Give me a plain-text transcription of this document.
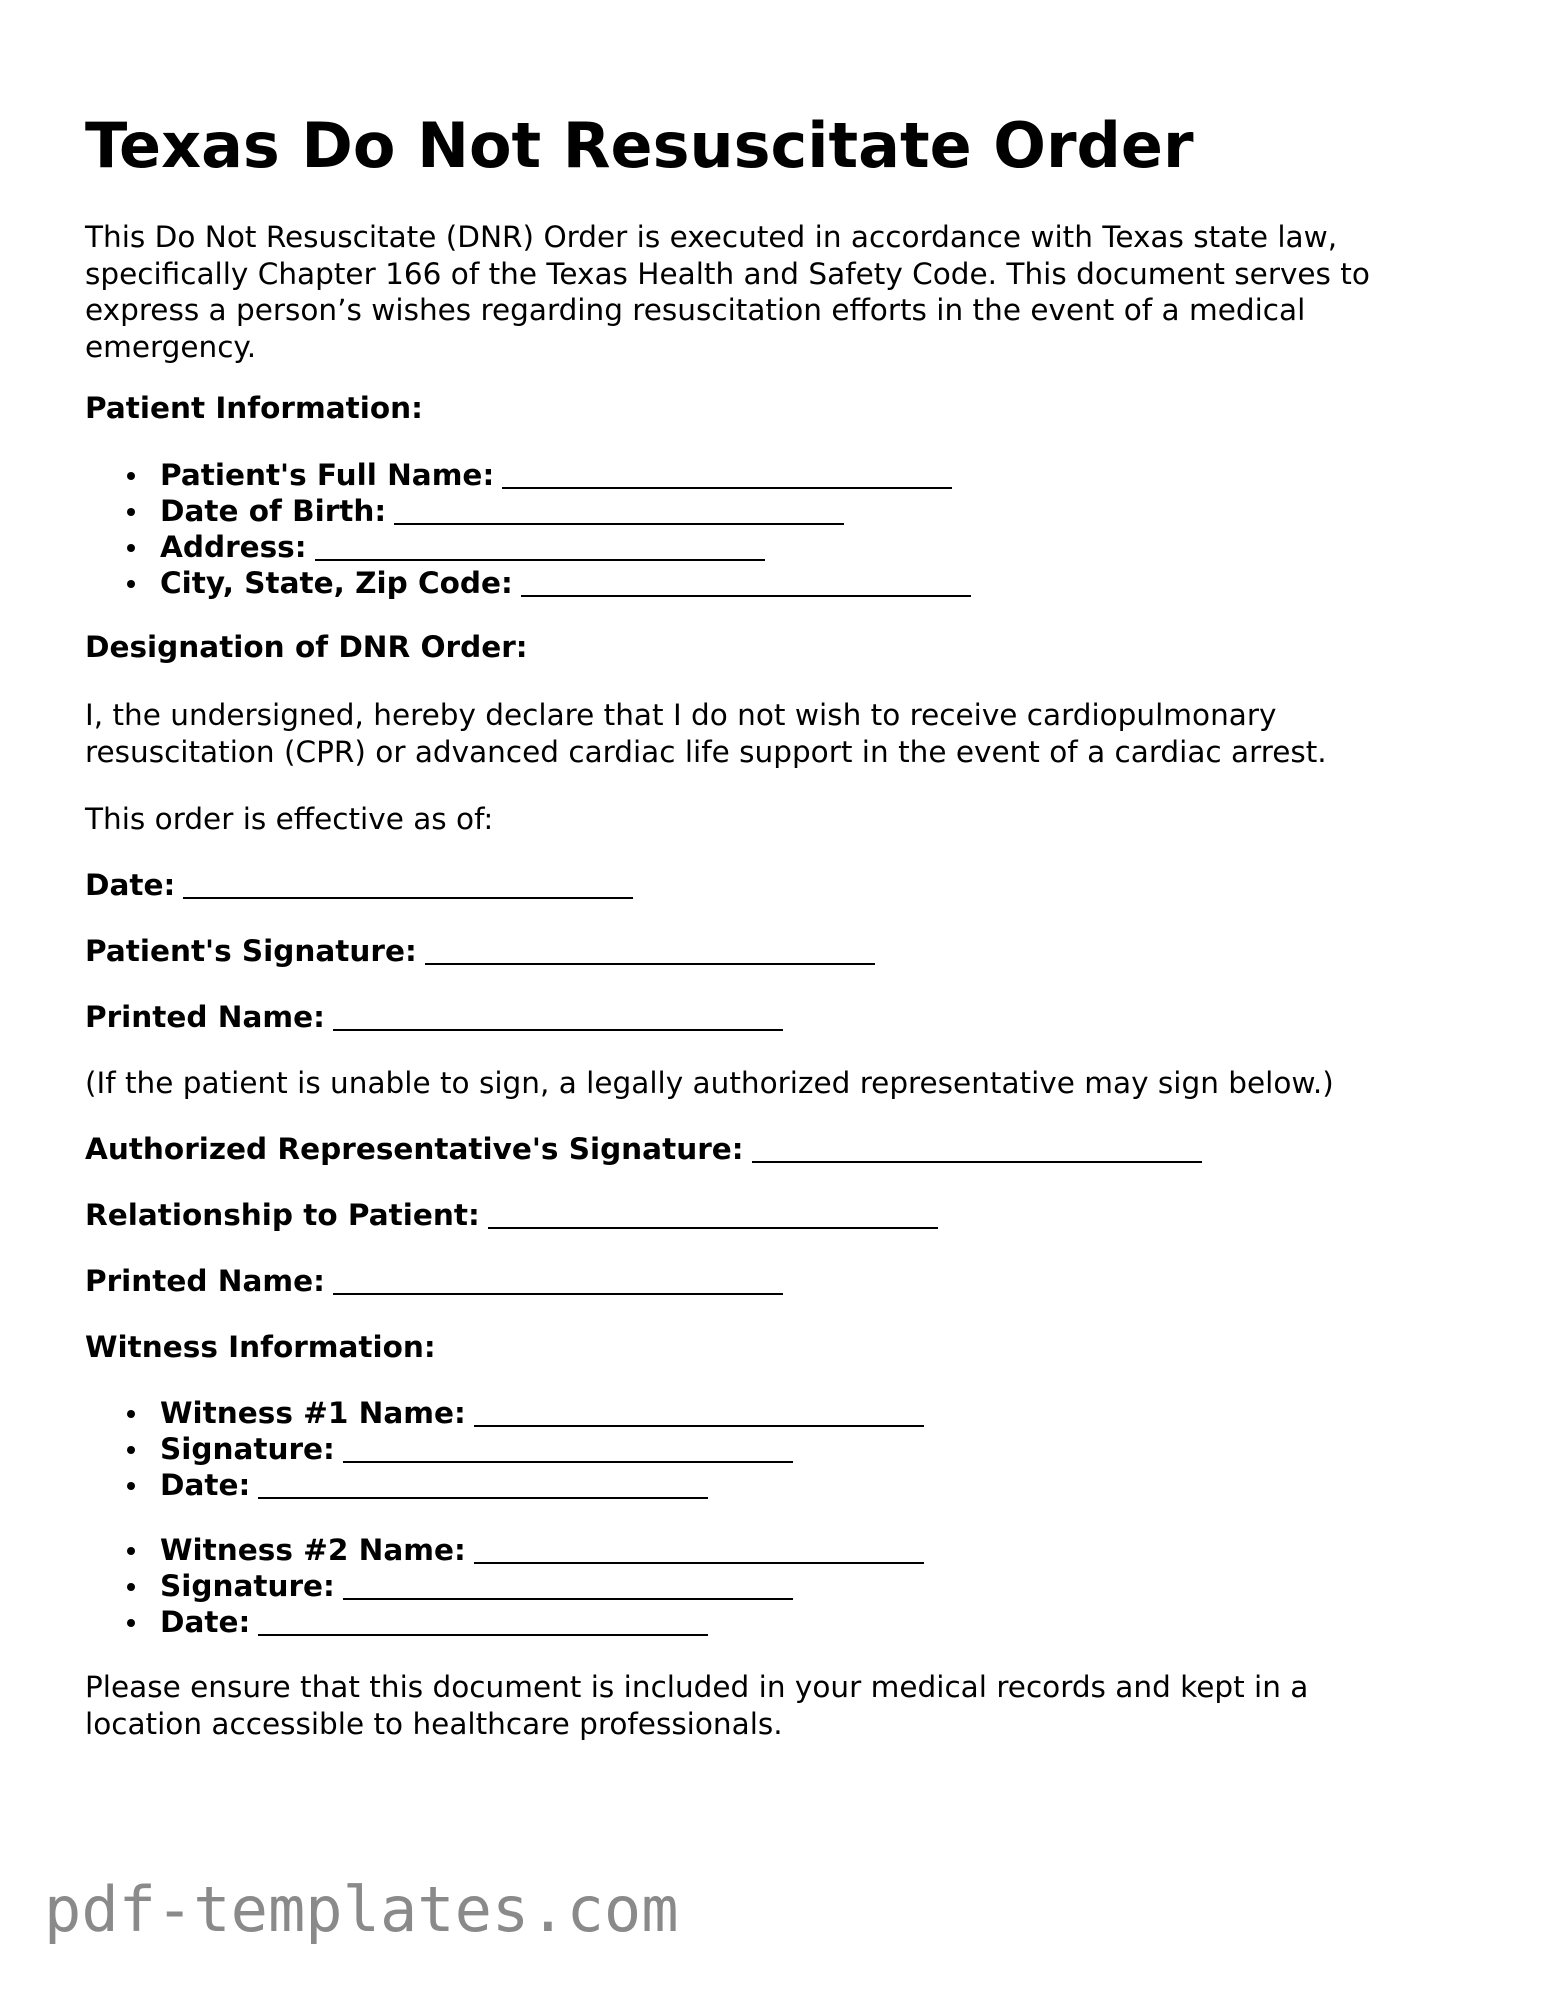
Texas Do Not Resuscitate Order

This Do Not Resuscitate (DNR) Order is executed in accordance with Texas state law,
specifically Chapter 166 of the Texas Health and Safety Code. This document serves to
express a person’s wishes regarding resuscitation efforts in the event of a medical
emergency.

Patient Information:

Patient's Full Name:
Date of Birth:
Address:
City, State, Zip Code:

Designation of DNR Order:

I, the undersigned, hereby declare that I do not wish to receive cardiopulmonary
resuscitation (CPR) or advanced cardiac life support in the event of a cardiac arrest.

This order is effective as of:

Date:

Patient's Signature:

Printed Name:

(If the patient is unable to sign, a legally authorized representative may sign below.)

Authorized Representative's Signature:

Relationship to Patient:

Printed Name:

Witness Information:

Witness #1 Name:
Signature:
Date:
Witness #2 Name:
Signature:
Date:

Please ensure that this document is included in your medical records and kept in a
location accessible to healthcare professionals.

pdf-templates.com
